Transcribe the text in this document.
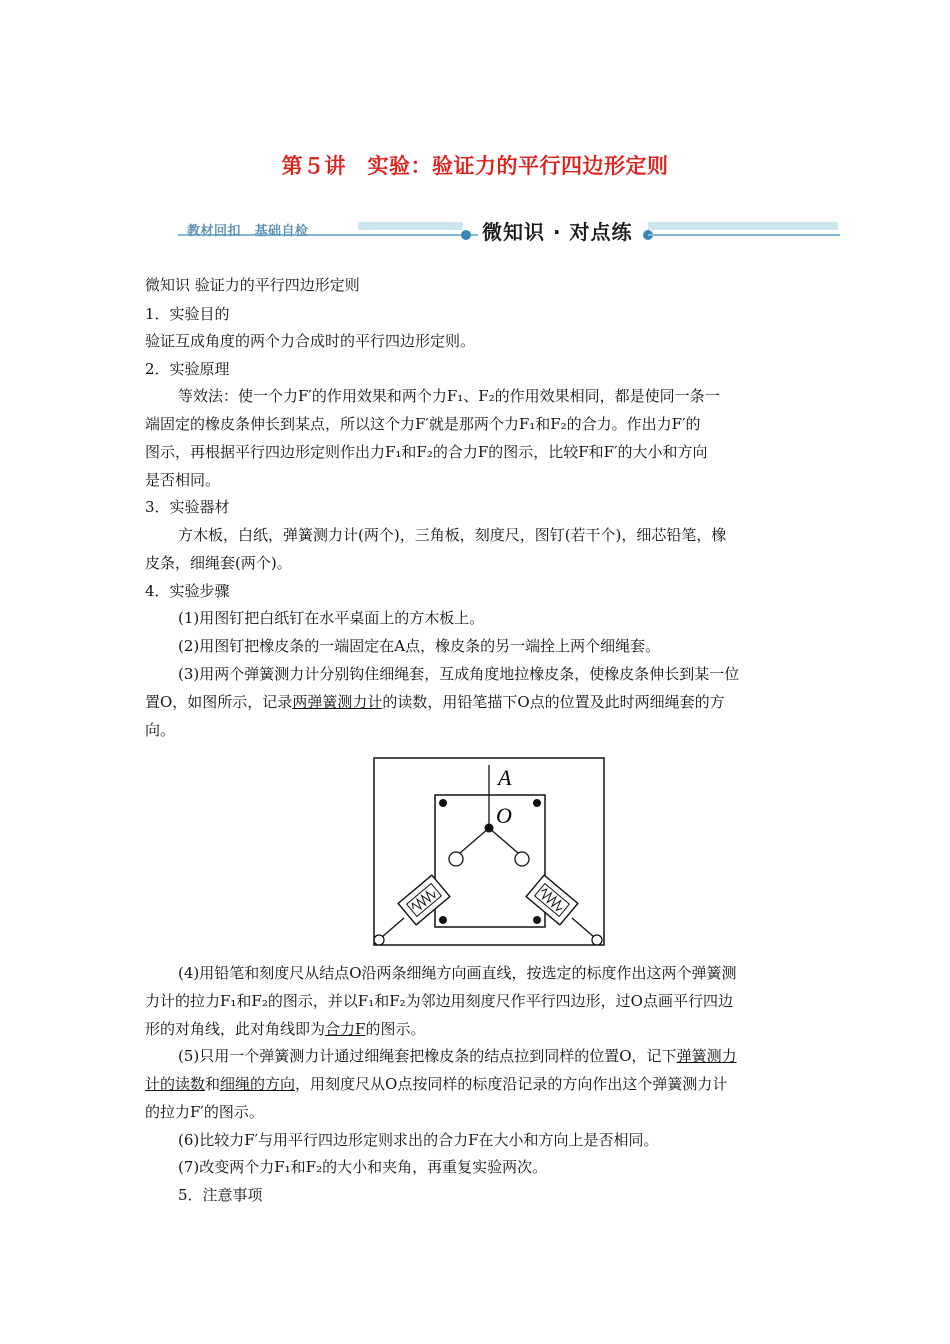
第５讲　实验：验证力的平行四边形定则
教材回扣　基础自检	微知识 · 对点练
微知识 验证力的平行四边形定则
1．实验目的
验证互成角度的两个力合成时的平行四边形定则。
2．实验原理
等效法：使一个力F′的作用效果和两个力F₁、F₂的作用效果相同，都是使同一条一
端固定的橡皮条伸长到某点，所以这个力F′就是那两个力F₁和F₂的合力。作出力F′的
图示，再根据平行四边形定则作出力F₁和F₂的合力F的图示，比较F和F′的大小和方向
是否相同。
3．实验器材
方木板，白纸，弹簧测力计(两个)，三角板，刻度尺，图钉(若干个)，细芯铅笔，橡
皮条，细绳套(两个)。
4．实验步骤
(1)用图钉把白纸钉在水平桌面上的方木板上。
(2)用图钉把橡皮条的一端固定在A点，橡皮条的另一端拴上两个细绳套。
(3)用两个弹簧测力计分别钩住细绳套，互成角度地拉橡皮条，使橡皮条伸长到某一位
置O，如图所示，记录两弹簧测力计的读数，用铅笔描下O点的位置及此时两细绳套的方
向。
A
O
(4)用铅笔和刻度尺从结点O沿两条细绳方向画直线，按选定的标度作出这两个弹簧测
力计的拉力F₁和F₂的图示，并以F₁和F₂为邻边用刻度尺作平行四边形，过O点画平行四边
形的对角线，此对角线即为合力F的图示。
(5)只用一个弹簧测力计通过细绳套把橡皮条的结点拉到同样的位置O，记下弹簧测力
计的读数和细绳的方向，用刻度尺从O点按同样的标度沿记录的方向作出这个弹簧测力计
的拉力F′的图示。
(6)比较力F′与用平行四边形定则求出的合力F在大小和方向上是否相同。
(7)改变两个力F₁和F₂的大小和夹角，再重复实验两次。
5．注意事项
